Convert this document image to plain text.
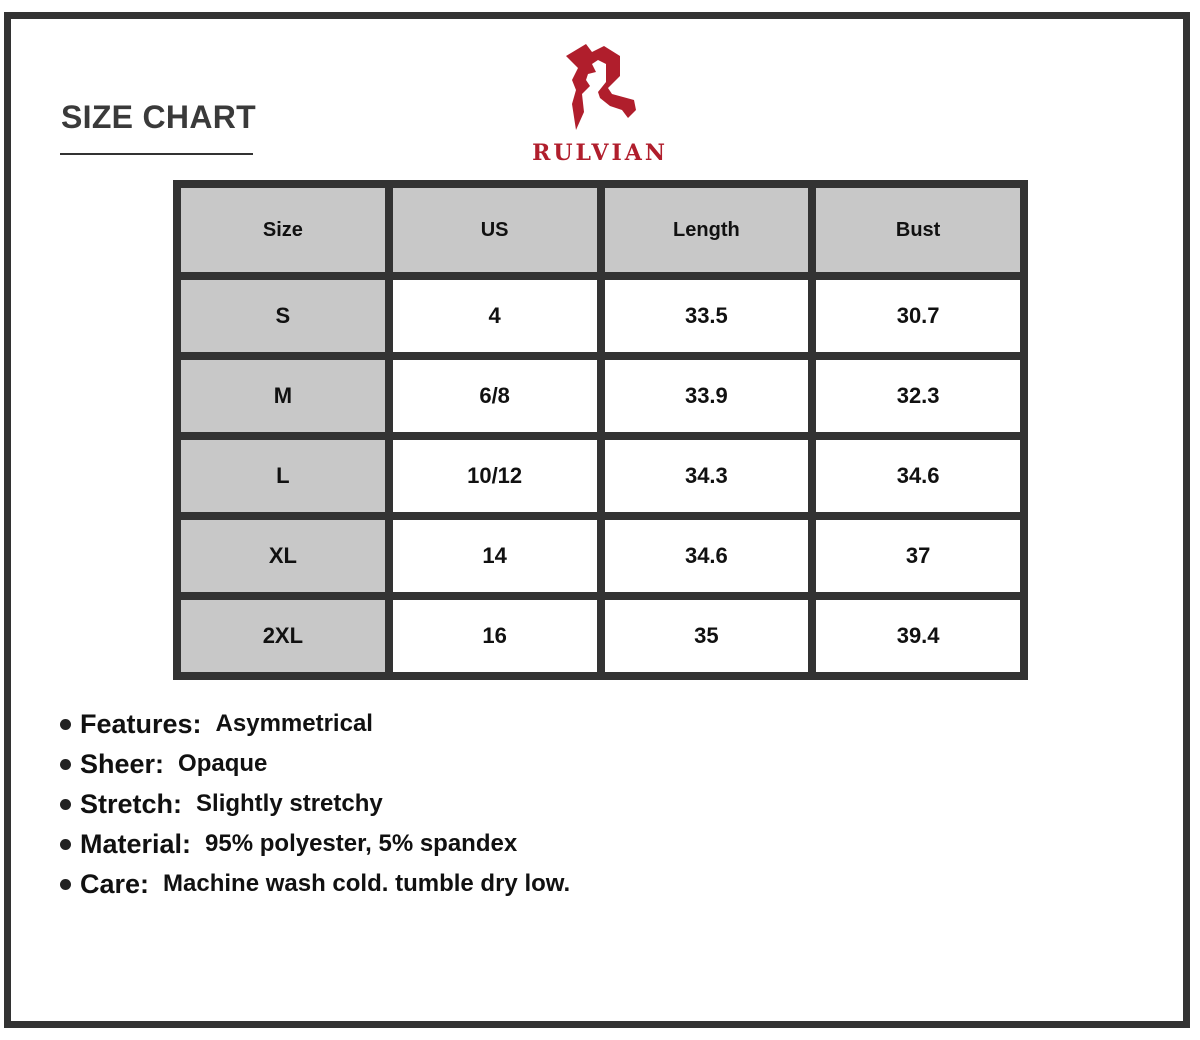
SIZE CHART
RULVIAN
Size	US	Length	Bust
S	4	33.5	30.7
M	6/8	33.9	32.3
L	10/12	34.3	34.6
XL	14	34.6	37
2XL	16	35	39.4
Features: Asymmetrical
Sheer: Opaque
Stretch: Slightly stretchy
Material: 95% polyester, 5% spandex
Care: Machine wash cold. tumble dry low.
